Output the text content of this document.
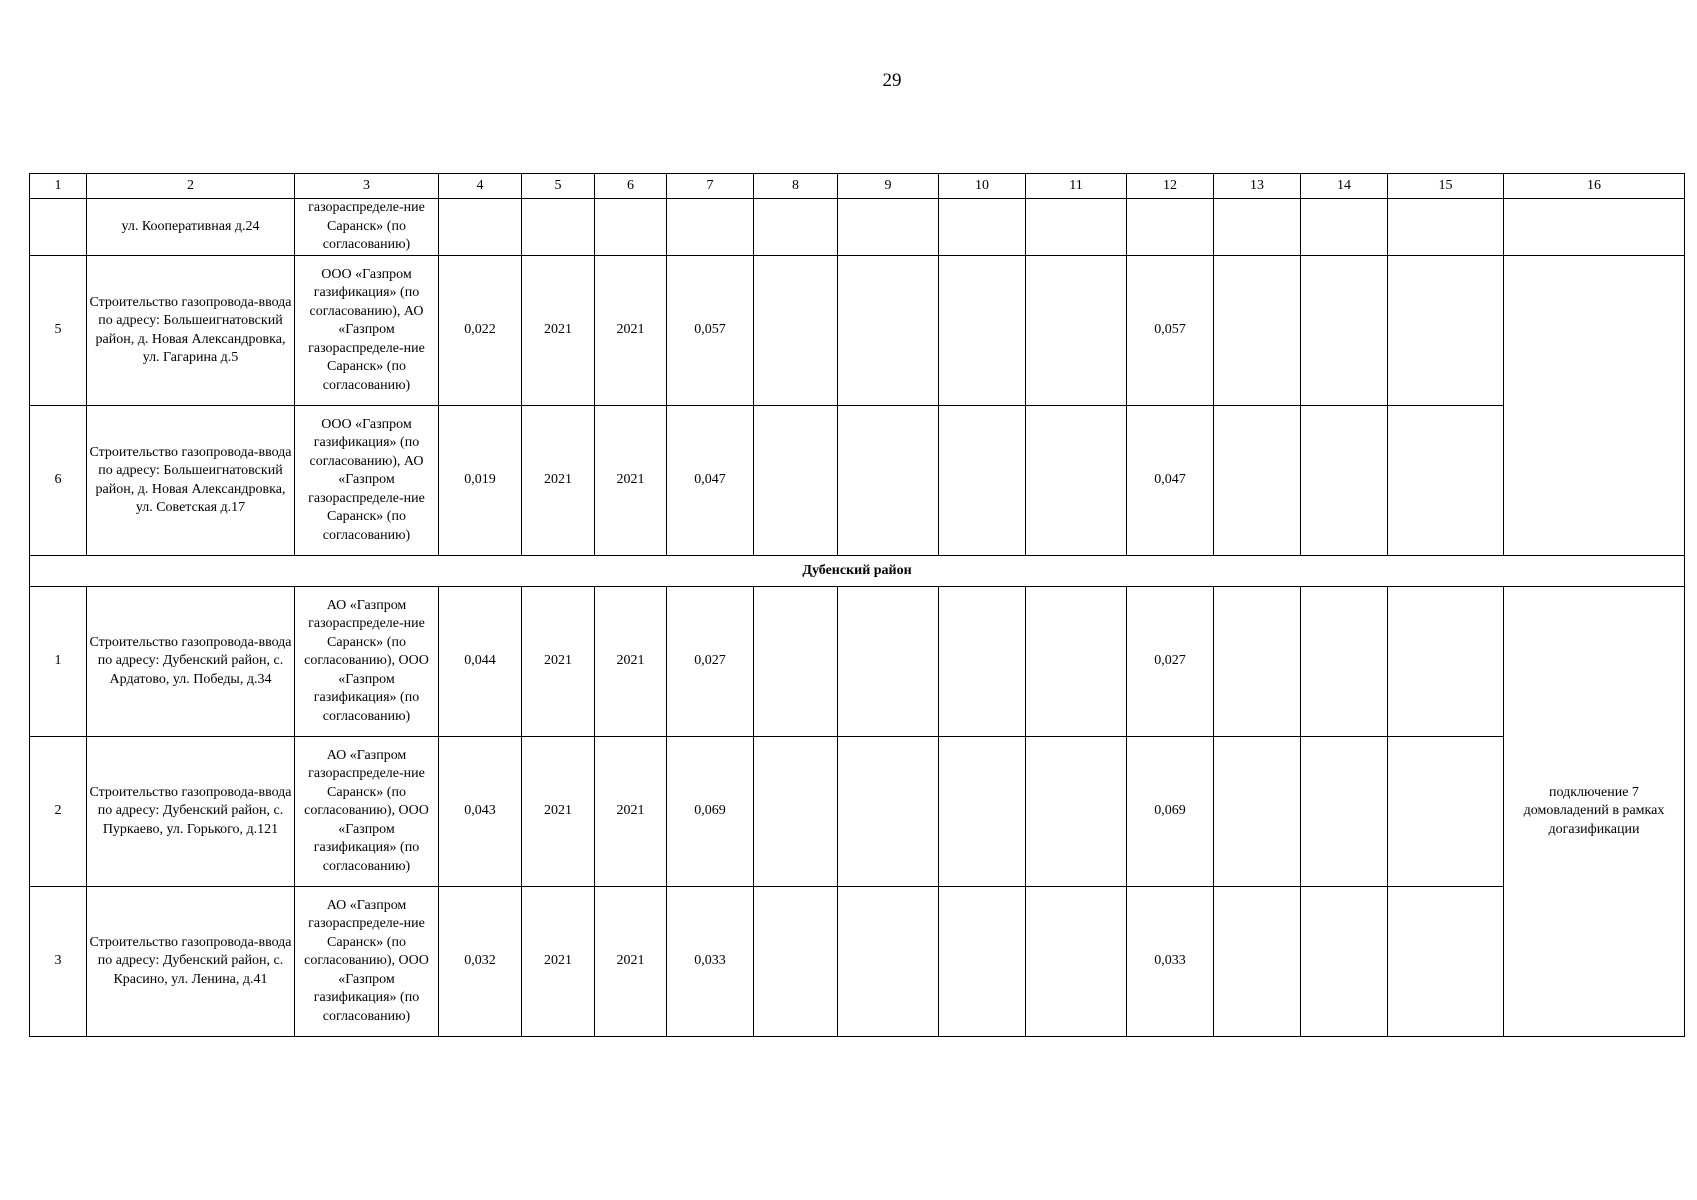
29
1	2	3	4	5	6	7	8	9	10	11	12	13	14	15	16
	ул. Кооперативная д.24	газораспределе-ние Саранск» (по согласованию)													
5	Строительство газопровода-ввода по адресу: Большеигнатовский район, д. Новая Александровка, ул. Гагарина д.5	ООО «Газпром газификация» (по согласованию), АО «Газпром газораспределе-ние Саранск» (по согласованию)	0,022	2021	2021	0,057					0,057				
6	Строительство газопровода-ввода по адресу: Большеигнатовский район, д. Новая Александровка, ул. Советская д.17	ООО «Газпром газификация» (по согласованию), АО «Газпром газораспределе-ние Саранск» (по согласованию)	0,019	2021	2021	0,047					0,047				
Дубенский район															
1	Строительство газопровода-ввода по адресу: Дубенский район, с. Ардатово, ул. Победы, д.34	АО «Газпром газораспределе-ние Саранск» (по согласованию), ООО «Газпром газификация» (по согласованию)	0,044	2021	2021	0,027					0,027				подключение 7 домовладений в рамках догазификации
2	Строительство газопровода-ввода по адресу: Дубенский район, с. Пуркаево, ул. Горького, д.121	АО «Газпром газораспределе-ние Саранск» (по согласованию), ООО «Газпром газификация» (по согласованию)	0,043	2021	2021	0,069					0,069				
3	Строительство газопровода-ввода по адресу: Дубенский район, с. Красино, ул. Ленина, д.41	АО «Газпром газораспределе-ние Саранск» (по согласованию), ООО «Газпром газификация» (по согласованию)	0,032	2021	2021	0,033					0,033				
